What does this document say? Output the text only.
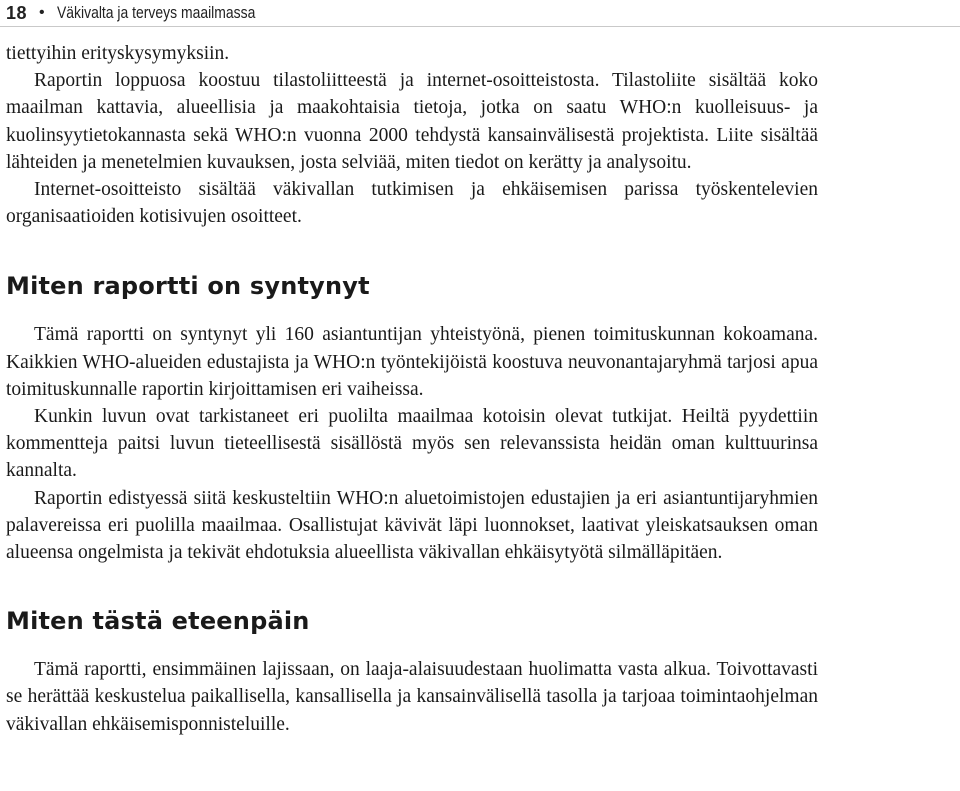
18 • Väkivalta ja terveys maailmassa

tiettyihin erityskysymyksiin.

Raportin loppuosa koostuu tilastoliitteestä ja internet-osoitteistosta. Tilastoliite sisältää koko maailman kattavia, alueellisia ja maakohtaisia tietoja, jotka on saatu WHO:n kuolleisuus- ja kuolinsyytietokannasta sekä WHO:n vuonna 2000 tehdystä kansainvälisestä projektista. Liite sisältää lähteiden ja menetelmien kuvauksen, josta selviää, miten tiedot on kerätty ja analysoitu.

Internet-osoitteisto sisältää väkivallan tutkimisen ja ehkäisemisen parissa työskentelevien organisaatioiden kotisivujen osoitteet.

Miten raportti on syntynyt

Tämä raportti on syntynyt yli 160 asiantuntijan yhteistyönä, pienen toimituskunnan kokoamana. Kaikkien WHO-alueiden edustajista ja WHO:n työntekijöistä koostuva neuvonantajaryhmä tarjosi apua toimituskunnalle raportin kirjoittamisen eri vaiheissa.

Kunkin luvun ovat tarkistaneet eri puolilta maailmaa kotoisin olevat tutkijat. Heiltä pyydettiin kommentteja paitsi luvun tieteellisestä sisällöstä myös sen relevanssista heidän oman kulttuurinsa kannalta.

Raportin edistyessä siitä keskusteltiin WHO:n aluetoimistojen edustajien ja eri asiantuntijaryhmien palavereissa eri puolilla maailmaa. Osallistujat kävivät läpi luonnokset, laativat yleiskatsauksen oman alueensa ongelmista ja tekivät ehdotuksia alueellista väkivallan ehkäisytyötä silmälläpitäen.

Miten tästä eteenpäin

Tämä raportti, ensimmäinen lajissaan, on laaja-alaisuudestaan huolimatta vasta alkua. Toivottavasti se herättää keskustelua paikallisella, kansallisella ja kansainvälisellä tasolla ja tarjoaa toimintaohjelman väkivallan ehkäisemisponnisteluille.
